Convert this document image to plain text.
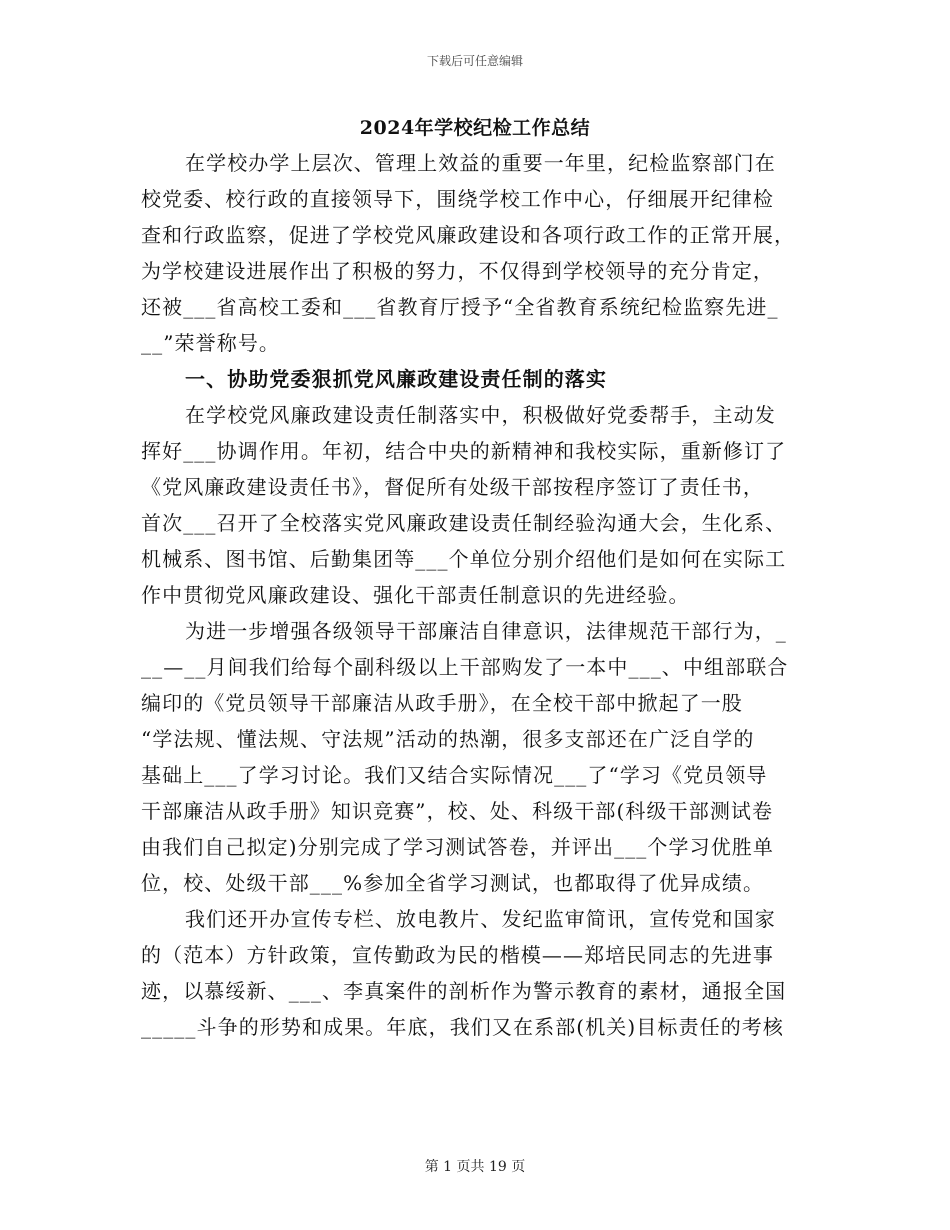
下载后可任意编辑
2024年学校纪检工作总结
在学校办学上层次、管理上效益的重要一年里，纪检监察部门在
校党委、校行政的直接领导下，围绕学校工作中心，仔细展开纪律检
查和行政监察，促进了学校党风廉政建设和各项行政工作的正常开展，
为学校建设进展作出了积极的努力，不仅得到学校领导的充分肯定，
还被___省高校工委和___省教育厅授予“全省教育系统纪检监察先进_
__”荣誉称号。
一、协助党委狠抓党风廉政建设责任制的落实
在学校党风廉政建设责任制落实中，积极做好党委帮手，主动发
挥好___协调作用。年初，结合中央的新精神和我校实际，重新修订了
《党风廉政建设责任书》，督促所有处级干部按程序签订了责任书，
首次___召开了全校落实党风廉政建设责任制经验沟通大会，生化系、
机械系、图书馆、后勤集团等___个单位分别介绍他们是如何在实际工
作中贯彻党风廉政建设、强化干部责任制意识的先进经验。
为进一步增强各级领导干部廉洁自律意识，法律规范干部行为，_
__—__月间我们给每个副科级以上干部购发了一本中___、中组部联合
编印的《党员领导干部廉洁从政手册》，在全校干部中掀起了一股
“学法规、懂法规、守法规”活动的热潮，很多支部还在广泛自学的
基础上___了学习讨论。我们又结合实际情况___了“学习《党员领导
干部廉洁从政手册》知识竞赛”，校、处、科级干部(科级干部测试卷
由我们自己拟定)分别完成了学习测试答卷，并评出___个学习优胜单
位，校、处级干部___%参加全省学习测试，也都取得了优异成绩。
我们还开办宣传专栏、放电教片、发纪监审简讯，宣传党和国家
的（范本）方针政策，宣传勤政为民的楷模——郑培民同志的先进事
迹，以慕绥新、___、李真案件的剖析作为警示教育的素材，通报全国
_____斗争的形势和成果。年底，我们又在系部(机关)目标责任的考核
第 1 页共 19 页
